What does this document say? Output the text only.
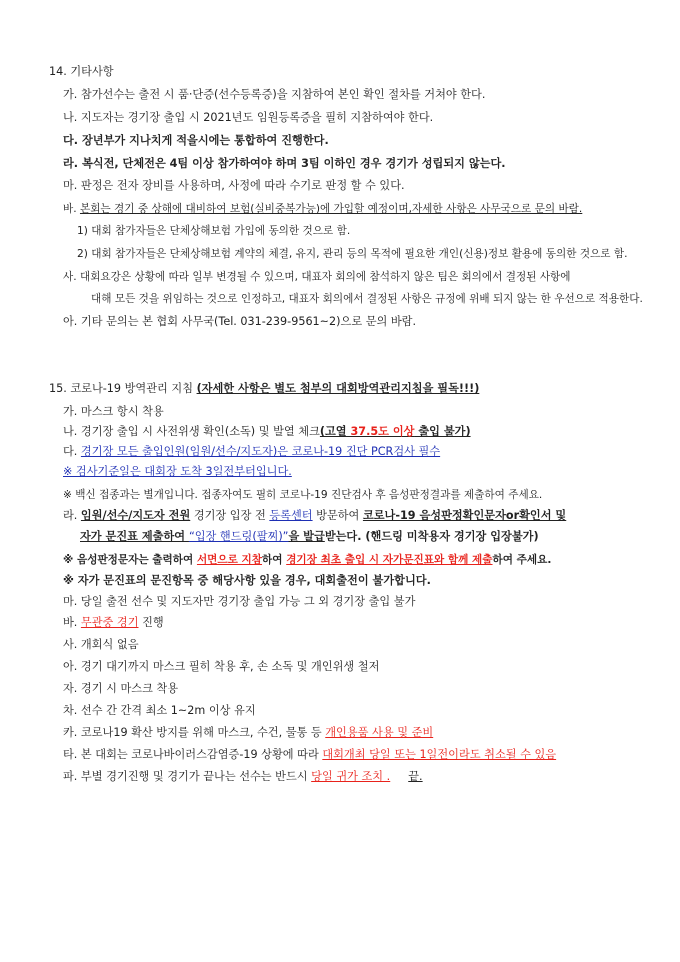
14. 기타사항
가. 참가선수는 출전 시 품·단증(선수등록증)을 지참하여 본인 확인 절차를 거쳐야 한다.
나. 지도자는 경기장 출입 시 2021년도 임원등록증을 필히 지참하여야 한다.
다. 장년부가 지나치게 적을시에는 통합하여 진행한다.
라. 복식전, 단체전은 4팀 이상 참가하여야 하며 3팀 이하인 경우 경기가 성립되지 않는다.
마. 판정은 전자 장비를 사용하며, 사정에 따라 수기로 판정 할 수 있다.
바. 본회는 경기 중 상해에 대비하여 보험(실비중복가능)에 가입할 예정이며,자세한 사항은 사무국으로 문의 바람.
1) 대회 참가자들은 단체상해보험 가입에 동의한 것으로 함.
2) 대회 참가자들은 단체상해보험 계약의 체결, 유지, 관리 등의 목적에 필요한 개인(신용)정보 활용에 동의한 것으로 함.
사. 대회요강은 상황에 따라 일부 변경될 수 있으며, 대표자 회의에 참석하지 않은 팀은 회의에서 결정된 사항에
대해 모든 것을 위임하는 것으로 인정하고, 대표자 회의에서 결정된 사항은 규정에 위배 되지 않는 한 우선으로 적용한다.
아. 기타 문의는 본 협회 사무국(Tel. 031-239-9561~2)으로 문의 바람.
15. 코로나-19 방역관리 지침 (자세한 사항은 별도 첨부의 대회방역관리지침을 필독!!!)
가. 마스크 항시 착용
나. 경기장 출입 시 사전위생 확인(소독) 및 발열 체크(고열 37.5도 이상 출입 불가)
다. 경기장 모든 출입인원(임원/선수/지도자)은 코로나-19 진단 PCR검사 필수
※ 검사기준일은 대회장 도착 3일전부터입니다.
※ 백신 접종과는 별개입니다. 접종자여도 필히 코로나-19 진단검사 후 음성판정결과를 제출하여 주세요.
라. 임원/선수/지도자 전원 경기장 입장 전 등록센터 방문하여 코로나-19 음성판정확인문자or확인서 및
자가 문진표 제출하여 “입장 핸드링(팔찌)”을 발급받는다. (핸드링 미착용자 경기장 입장불가)
※ 음성판정문자는 출력하여 서면으로 지참하여 경기장 최초 출입 시 자가문진표와 함께 제출하여 주세요.
※ 자가 문진표의 문진항목 중 해당사항 있을 경우, 대회출전이 불가합니다.
마. 당일 출전 선수 및 지도자만 경기장 출입 가능 그 외 경기장 출입 불가
바. 무관중 경기 진행
사. 개회식 없음
아. 경기 대기까지 마스크 필히 착용 후, 손 소독 및 개인위생 철저
자. 경기 시 마스크 착용
차. 선수 간 간격 최소 1~2m 이상 유지
카. 코로나19 확산 방지를 위해 마스크, 수건, 물통 등 개인용품 사용 및 준비
타. 본 대회는 코로나바이러스감염증-19 상황에 따라 대회개최 당일 또는 1일전이라도 취소될 수 있음
파. 부별 경기진행 및 경기가 끝나는 선수는 반드시 당일 귀가 조치 . 끝.
